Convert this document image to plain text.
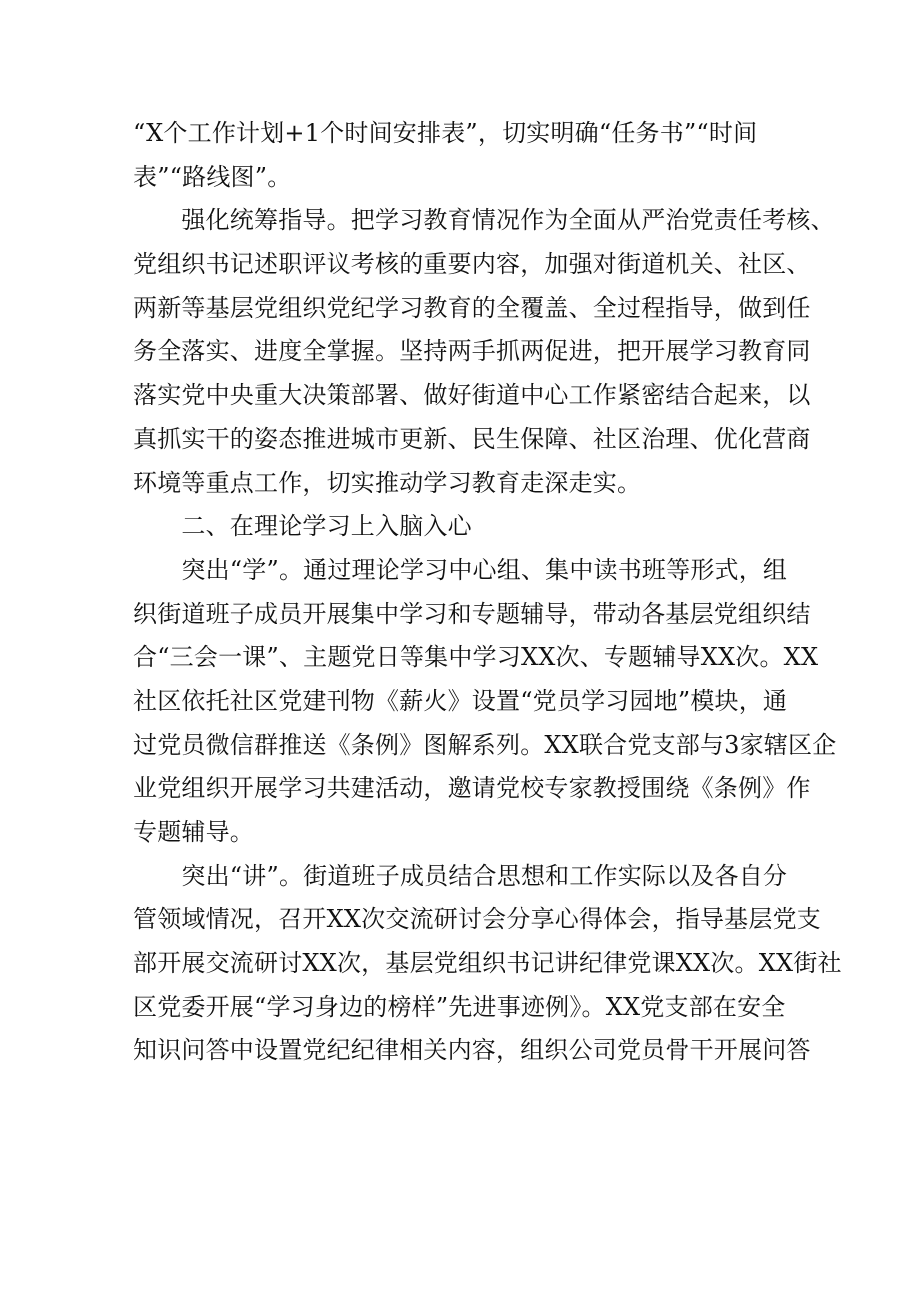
“X个工作计划+1个时间安排表”，切实明确“任务书”“时间
表”“路线图”。
　　强化统筹指导。把学习教育情况作为全面从严治党责任考核、
党组织书记述职评议考核的重要内容，加强对街道机关、社区、
两新等基层党组织党纪学习教育的全覆盖、全过程指导，做到任
务全落实、进度全掌握。坚持两手抓两促进，把开展学习教育同
落实党中央重大决策部署、做好街道中心工作紧密结合起来，以
真抓实干的姿态推进城市更新、民生保障、社区治理、优化营商
环境等重点工作，切实推动学习教育走深走实。
　　二、在理论学习上入脑入心
　　突出“学”。通过理论学习中心组、集中读书班等形式，组
织街道班子成员开展集中学习和专题辅导，带动各基层党组织结
合“三会一课”、主题党日等集中学习XX次、专题辅导XX次。XX
社区依托社区党建刊物《薪火》设置“党员学习园地”模块，通
过党员微信群推送《条例》图解系列。XX联合党支部与3家辖区企
业党组织开展学习共建活动，邀请党校专家教授围绕《条例》作
专题辅导。
　　突出“讲”。街道班子成员结合思想和工作实际以及各自分
管领域情况，召开XX次交流研讨会分享心得体会，指导基层党支
部开展交流研讨XX次，基层党组织书记讲纪律党课XX次。XX街社
区党委开展“学习身边的榜样”先进事迹例》。XX党支部在安全
知识问答中设置党纪纪律相关内容，组织公司党员骨干开展问答
